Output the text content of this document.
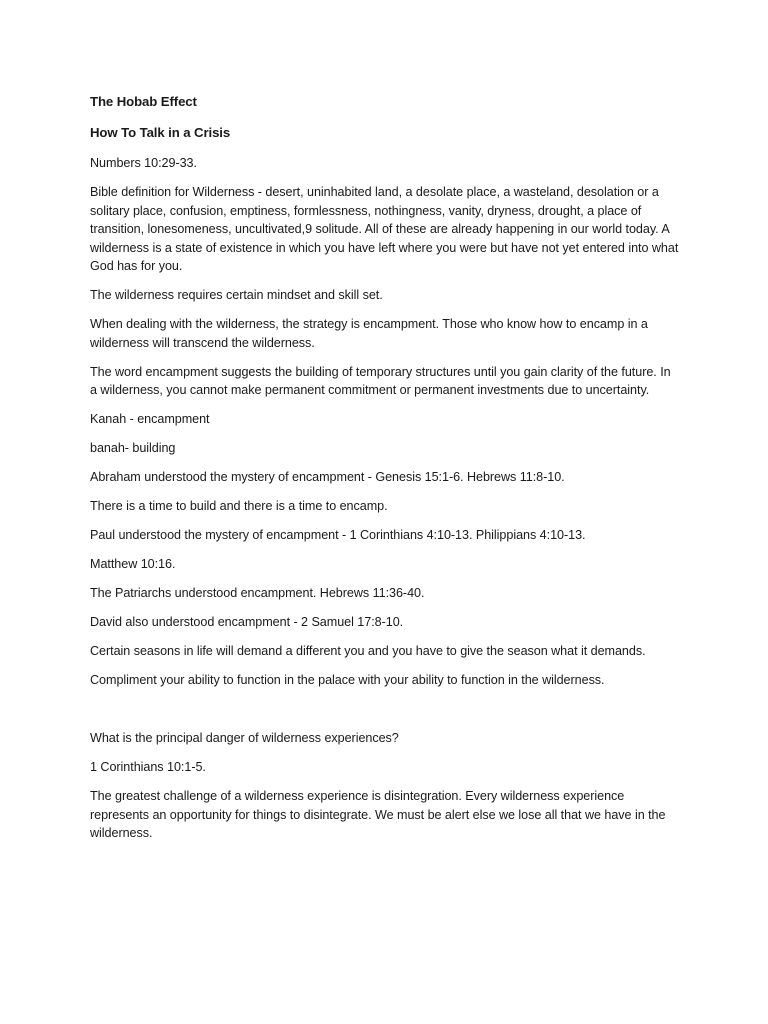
The Hobab Effect
How To Talk in a Crisis

Numbers 10:29-33.

Bible definition for Wilderness - desert, uninhabited land, a desolate place, a wasteland, desolation or a solitary place, confusion, emptiness, formlessness, nothingness, vanity, dryness, drought, a place of transition, lonesomeness, uncultivated,9 solitude. All of these are already happening in our world today. A wilderness is a state of existence in which you have left where you were but have not yet entered into what God has for you.

The wilderness requires certain mindset and skill set.

When dealing with the wilderness, the strategy is encampment. Those who know how to encamp in a wilderness will transcend the wilderness.

The word encampment suggests the building of temporary structures until you gain clarity of the future. In a wilderness, you cannot make permanent commitment or permanent investments due to uncertainty.

Kanah - encampment

banah- building

Abraham understood the mystery of encampment - Genesis 15:1-6. Hebrews 11:8-10.

There is a time to build and there is a time to encamp.

Paul understood the mystery of encampment - 1 Corinthians 4:10-13. Philippians 4:10-13.

Matthew 10:16.

The Patriarchs understood encampment. Hebrews 11:36-40.

David also understood encampment - 2 Samuel 17:8-10.

Certain seasons in life will demand a different you and you have to give the season what it demands.

Compliment your ability to function in the palace with your ability to function in the wilderness.

What is the principal danger of wilderness experiences?

1 Corinthians 10:1-5.

The greatest challenge of a wilderness experience is disintegration. Every wilderness experience represents an opportunity for things to disintegrate. We must be alert else we lose all that we have in the wilderness.
